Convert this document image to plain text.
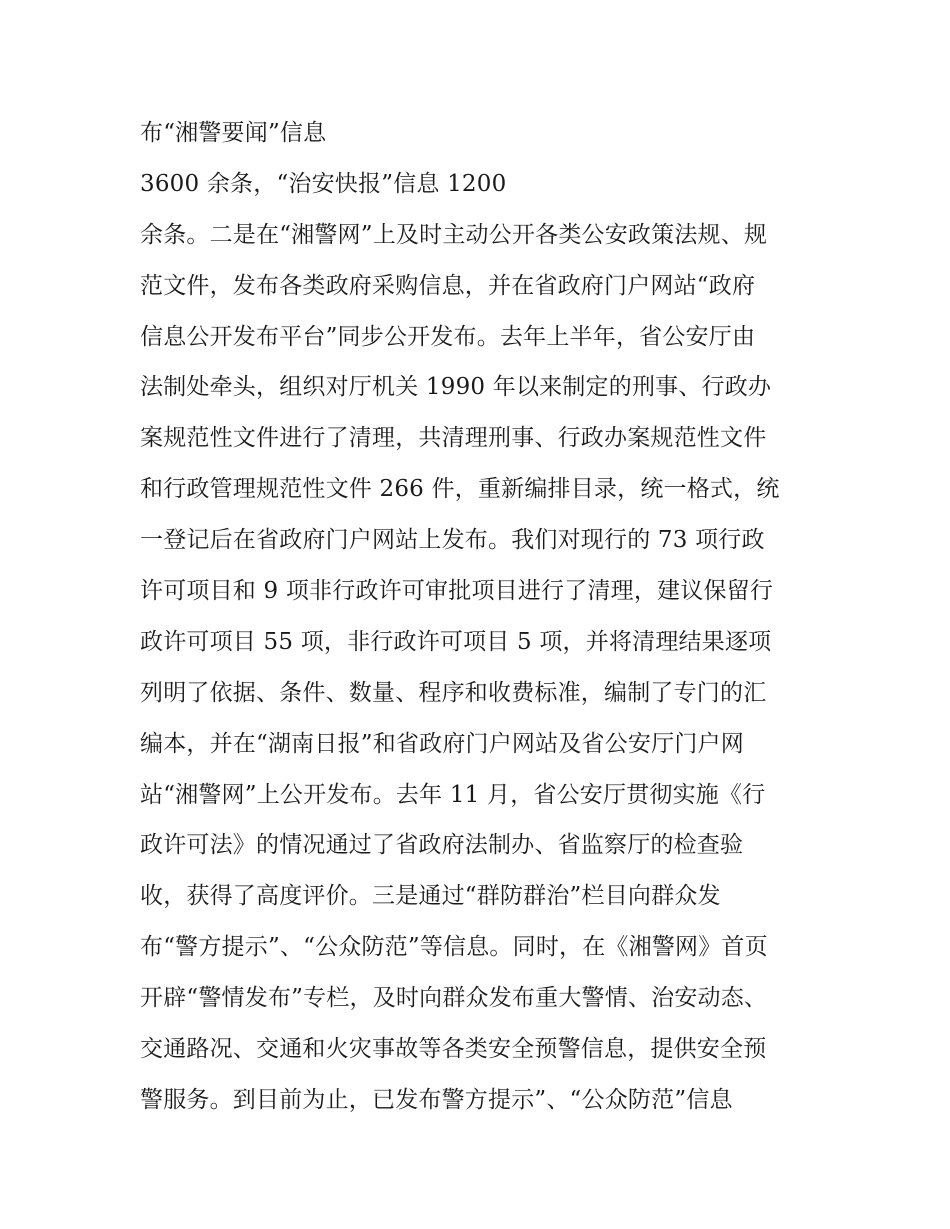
布“湘警要闻”信息
3600 余条，“治安快报”信息 1200
余条。二是在“湘警网”上及时主动公开各类公安政策法规、规
范文件，发布各类政府采购信息，并在省政府门户网站“政府
信息公开发布平台”同步公开发布。去年上半年，省公安厅由
法制处牵头，组织对厅机关 1990 年以来制定的刑事、行政办
案规范性文件进行了清理，共清理刑事、行政办案规范性文件
和行政管理规范性文件 266 件，重新编排目录，统一格式，统
一登记后在省政府门户网站上发布。我们对现行的 73 项行政
许可项目和 9 项非行政许可审批项目进行了清理，建议保留行
政许可项目 55 项，非行政许可项目 5 项，并将清理结果逐项
列明了依据、条件、数量、程序和收费标准，编制了专门的汇
编本，并在“湖南日报”和省政府门户网站及省公安厅门户网
站“湘警网”上公开发布。去年 11 月，省公安厅贯彻实施《行
政许可法》的情况通过了省政府法制办、省监察厅的检查验
收，获得了高度评价。三是通过“群防群治”栏目向群众发
布“警方提示”、“公众防范”等信息。同时，在《湘警网》首页
开辟“警情发布”专栏，及时向群众发布重大警情、治安动态、
交通路况、交通和火灾事故等各类安全预警信息，提供安全预
警服务。到目前为止，已发布警方提示”、“公众防范”信息
